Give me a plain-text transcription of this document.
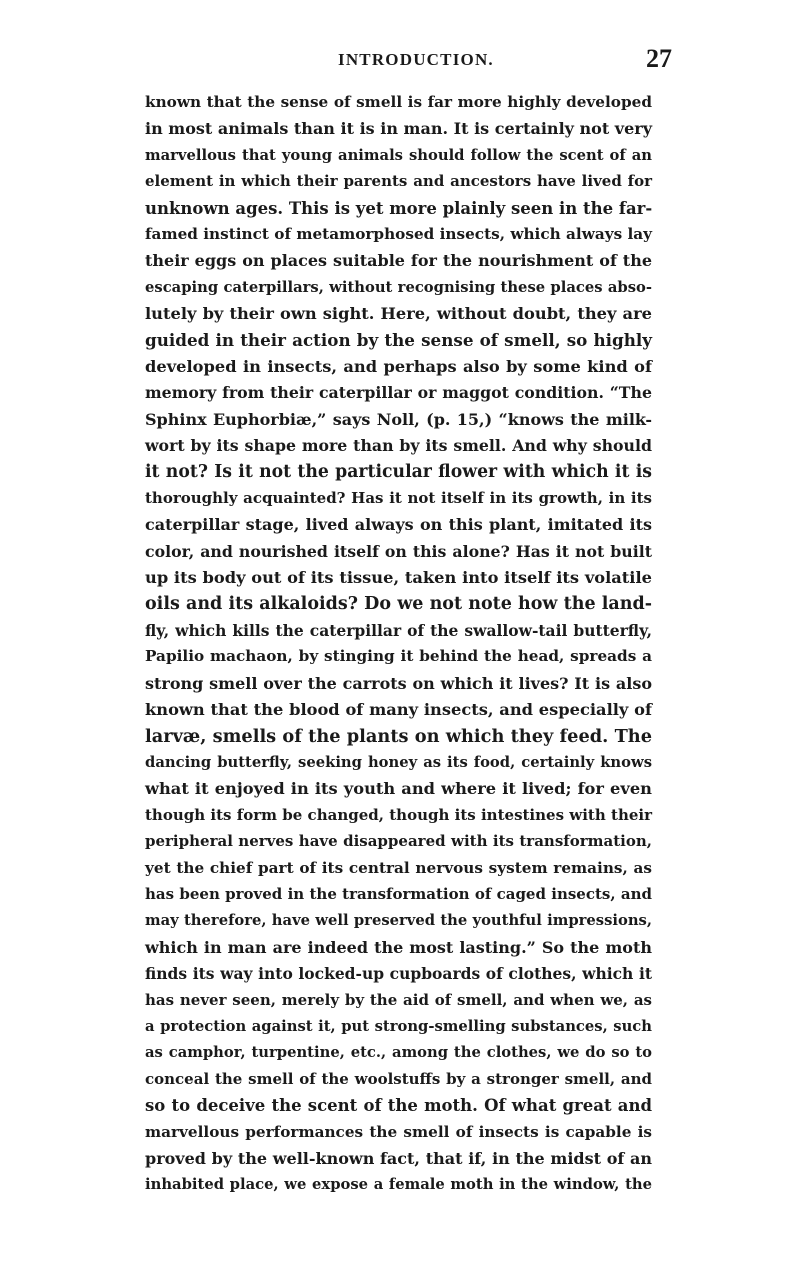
INTRODUCTION.	27
known that the sense of smell is far more highly developed
in most animals than it is in man. It is certainly not very
marvellous that young animals should follow the scent of an
element in which their parents and ancestors have lived for
unknown ages. This is yet more plainly seen in the far-
famed instinct of metamorphosed insects, which always lay
their eggs on places suitable for the nourishment of the
escaping caterpillars, without recognising these places abso-
lutely by their own sight. Here, without doubt, they are
guided in their action by the sense of smell, so highly
developed in insects, and perhaps also by some kind of
memory from their caterpillar or maggot condition. “The
Sphinx Euphorbiæ,” says Noll, (p. 15,) “knows the milk-
wort by its shape more than by its smell. And why should
it not? Is it not the particular flower with which it is
thoroughly acquainted? Has it not itself in its growth, in its
caterpillar stage, lived always on this plant, imitated its
color, and nourished itself on this alone? Has it not built
up its body out of its tissue, taken into itself its volatile
oils and its alkaloids? Do we not note how the land-
fly, which kills the caterpillar of the swallow-tail butterfly,
Papilio machaon, by stinging it behind the head, spreads a
strong smell over the carrots on which it lives? It is also
known that the blood of many insects, and especially of
larvæ, smells of the plants on which they feed. The
dancing butterfly, seeking honey as its food, certainly knows
what it enjoyed in its youth and where it lived; for even
though its form be changed, though its intestines with their
peripheral nerves have disappeared with its transformation,
yet the chief part of its central nervous system remains, as
has been proved in the transformation of caged insects, and
may therefore, have well preserved the youthful impressions,
which in man are indeed the most lasting.” So the moth
finds its way into locked-up cupboards of clothes, which it
has never seen, merely by the aid of smell, and when we, as
a protection against it, put strong-smelling substances, such
as camphor, turpentine, etc., among the clothes, we do so to
conceal the smell of the woolstuffs by a stronger smell, and
so to deceive the scent of the moth. Of what great and
marvellous performances the smell of insects is capable is
proved by the well-known fact, that if, in the midst of an
inhabited place, we expose a female moth in the window, the
